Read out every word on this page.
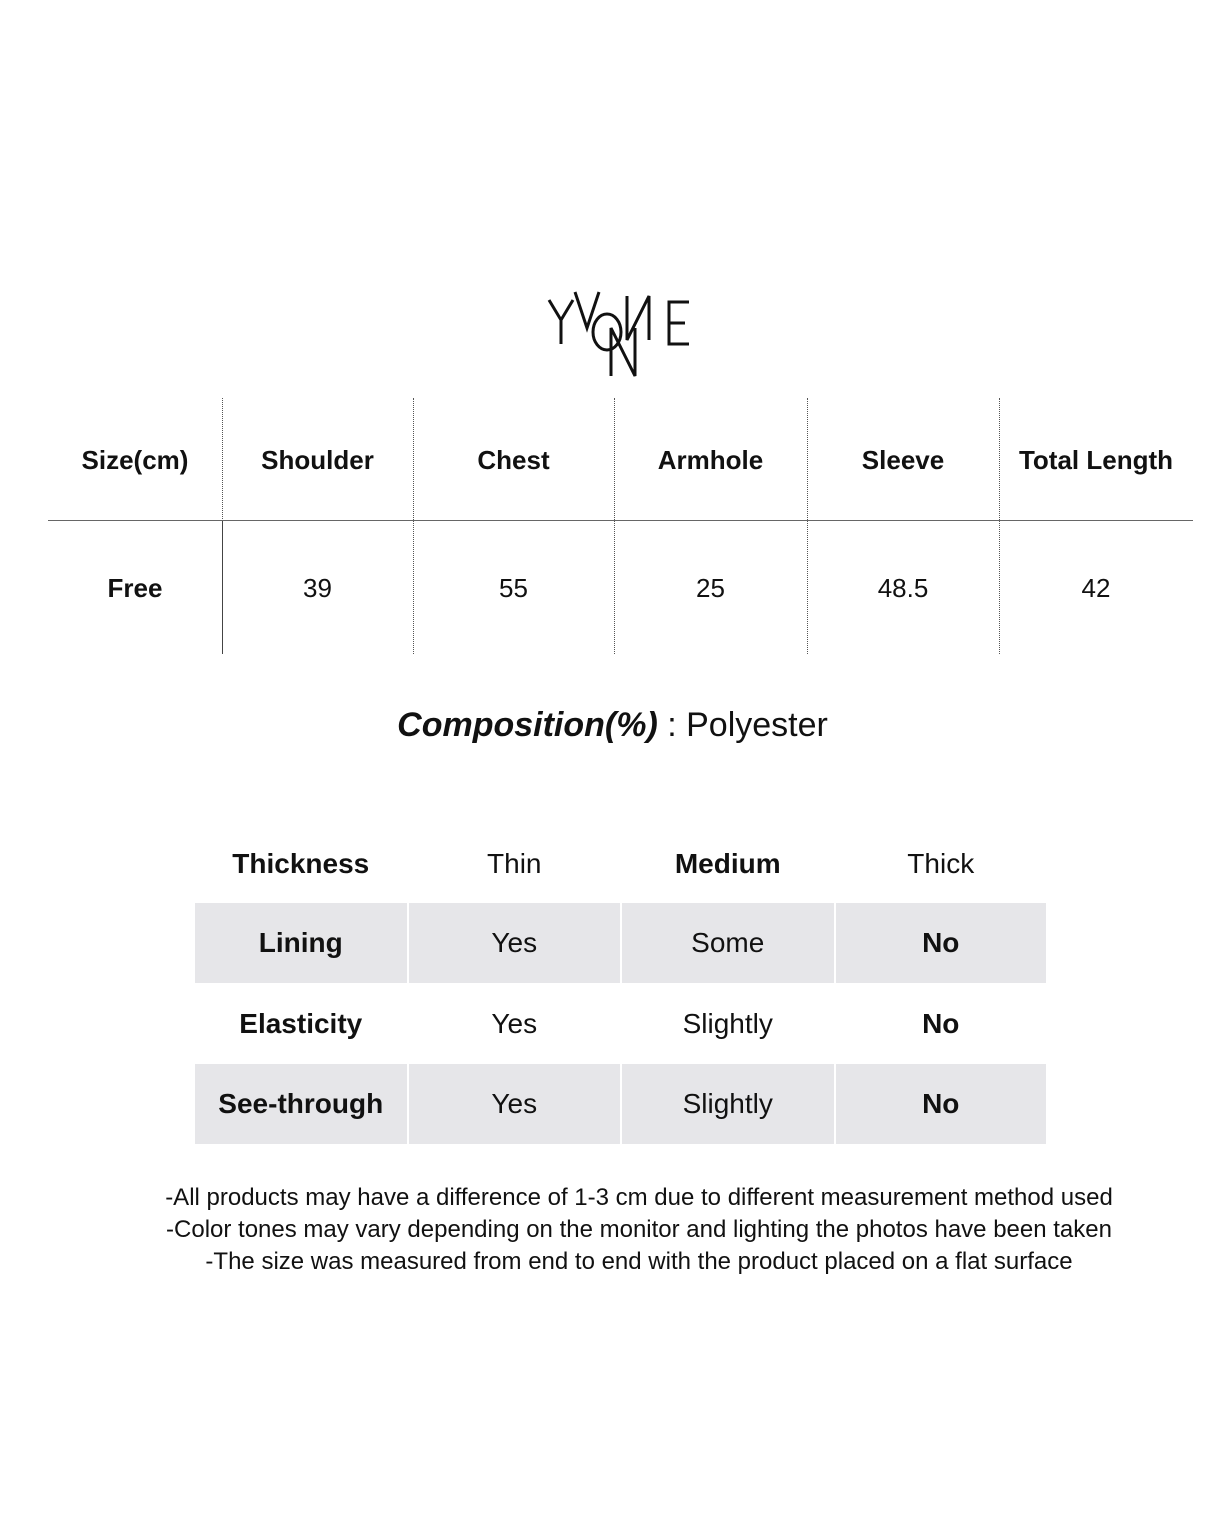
Size(cm)	Shoulder	Chest	Armhole	Sleeve	Total Length
Free	39	55	25	48.5	42
Composition(%) : Polyester
Thickness	Thin	Medium	Thick
Lining	Yes	Some	No
Elasticity	Yes	Slightly	No
See-through	Yes	Slightly	No
-All products may have a difference of 1-3 cm due to different measurement method used
-Color tones may vary depending on the monitor and lighting the photos have been taken
-The size was measured from end to end with the product placed on a flat surface
